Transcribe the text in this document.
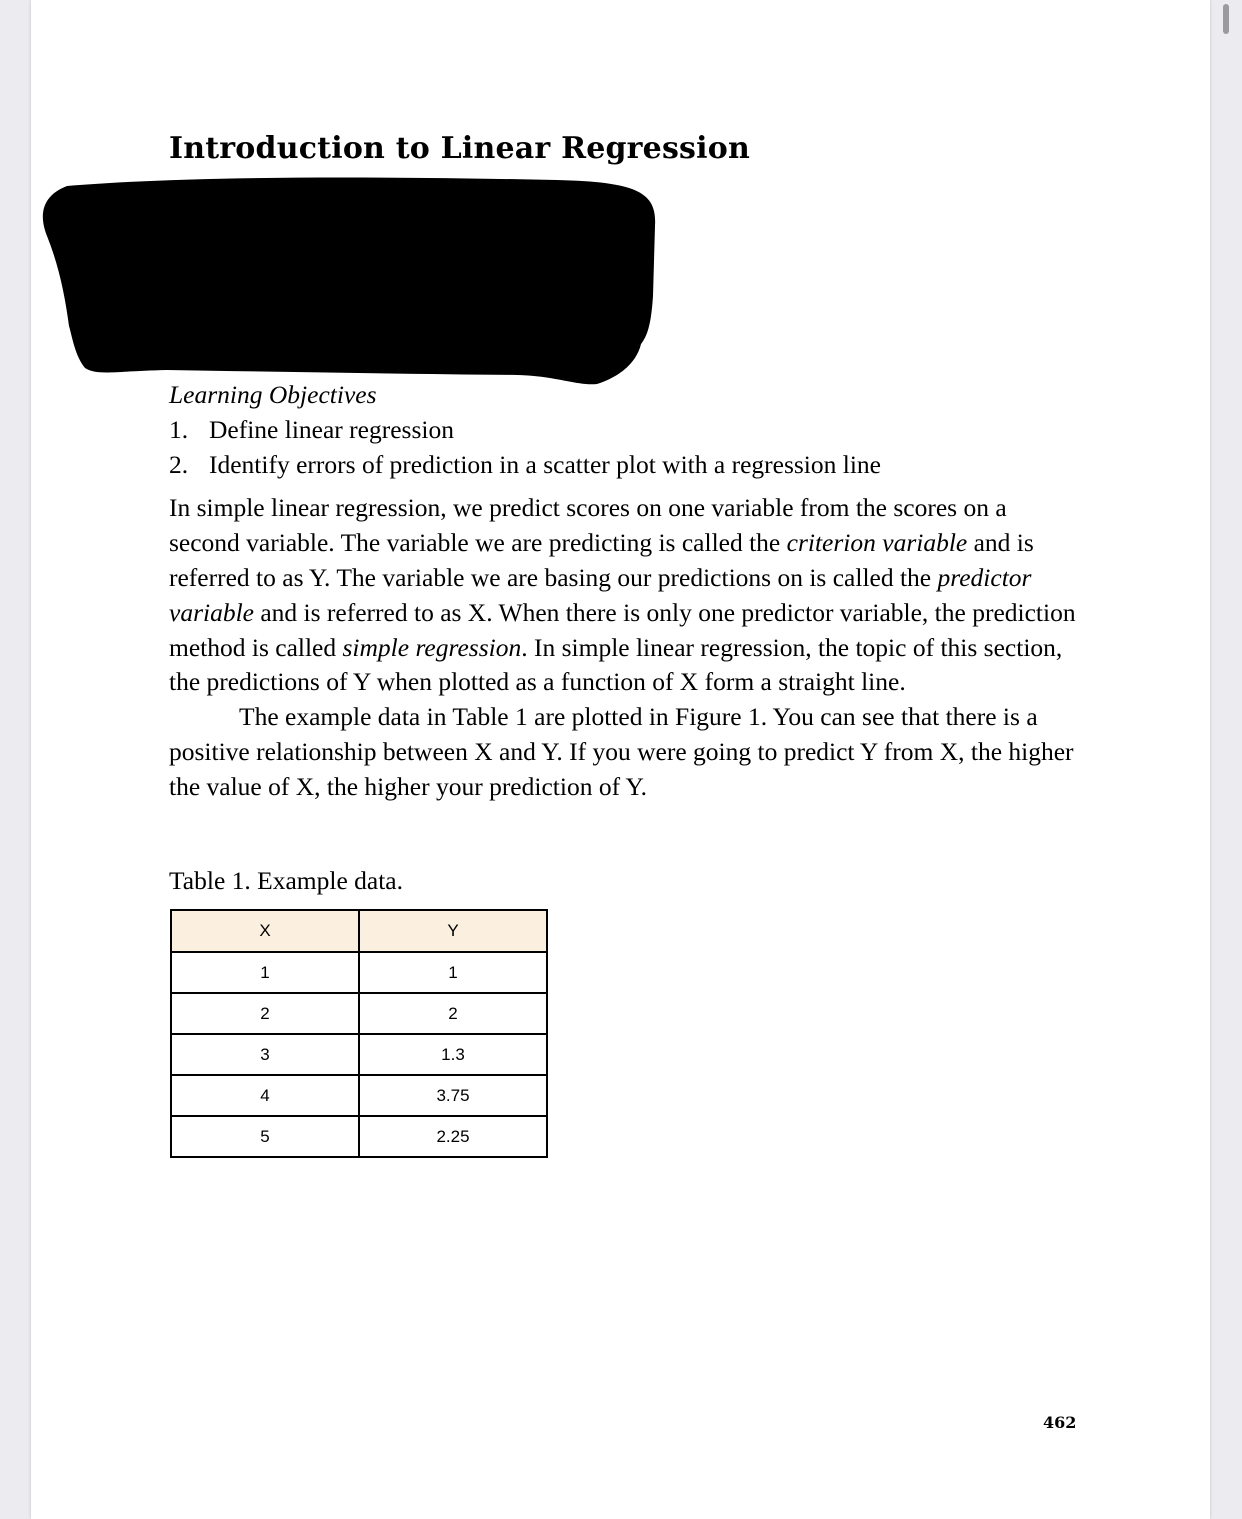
Introduction to Linear Regression

Learning Objectives

1. Define linear regression
2. Identify errors of prediction in a scatter plot with a regression line

In simple linear regression, we predict scores on one variable from the scores on a second variable. The variable we are predicting is called the criterion variable and is referred to as Y. The variable we are basing our predictions on is called the predictor variable and is referred to as X. When there is only one predictor variable, the prediction method is called simple regression. In simple linear regression, the topic of this section, the predictions of Y when plotted as a function of X form a straight line.

The example data in Table 1 are plotted in Figure 1. You can see that there is a positive relationship between X and Y. If you were going to predict Y from X, the higher the value of X, the higher your prediction of Y.

Table 1. Example data.

X	Y
1	1
2	2
3	1.3
4	3.75
5	2.25

462
